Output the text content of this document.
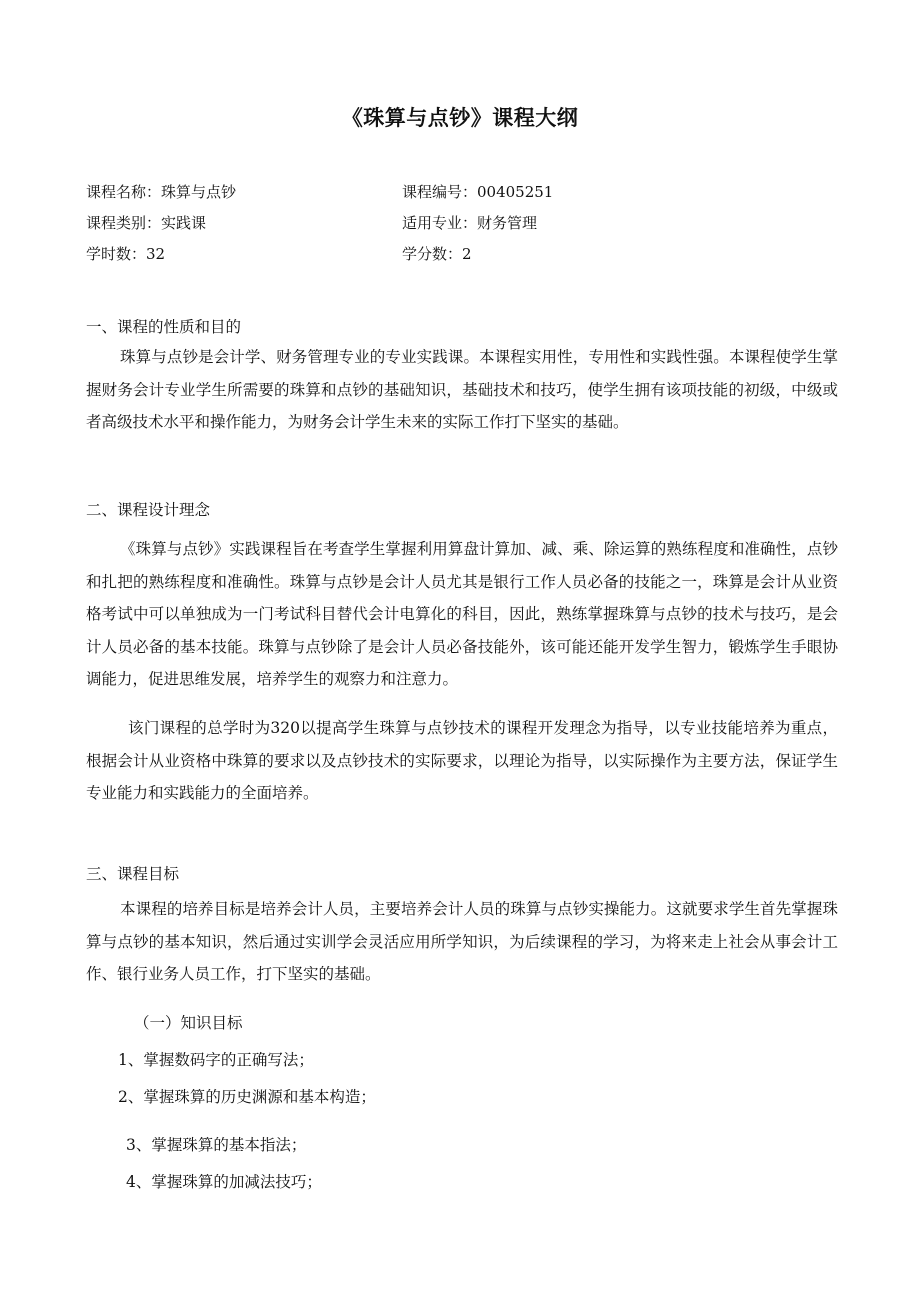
《珠算与点钞》课程大纲
课程名称：珠算与点钞	课程编号：00405251
课程类别：实践课	适用专业：财务管理
学时数：32	学分数：2
一、课程的性质和目的

珠算与点钞是会计学、财务管理专业的专业实践课。本课程实用性，专用性和实践性强。本课程使学生掌握财务会计专业学生所需要的珠算和点钞的基础知识，基础技术和技巧，使学生拥有该项技能的初级，中级或者高级技术水平和操作能力，为财务会计学生未来的实际工作打下坚实的基础。

二、课程设计理念

《珠算与点钞》实践课程旨在考查学生掌握利用算盘计算加、减、乘、除运算的熟练程度和准确性，点钞和扎把的熟练程度和准确性。珠算与点钞是会计人员尤其是银行工作人员必备的技能之一，珠算是会计从业资格考试中可以单独成为一门考试科目替代会计电算化的科目，因此，熟练掌握珠算与点钞的技术与技巧，是会计人员必备的基本技能。珠算与点钞除了是会计人员必备技能外，该可能还能开发学生智力，锻炼学生手眼协调能力，促进思维发展，培养学生的观察力和注意力。

该门课程的总学时为320以提高学生珠算与点钞技术的课程开发理念为指导，以专业技能培养为重点，根据会计从业资格中珠算的要求以及点钞技术的实际要求，以理论为指导，以实际操作为主要方法，保证学生专业能力和实践能力的全面培养。

三、课程目标

本课程的培养目标是培养会计人员，主要培养会计人员的珠算与点钞实操能力。这就要求学生首先掌握珠算与点钞的基本知识，然后通过实训学会灵活应用所学知识，为后续课程的学习，为将来走上社会从事会计工作、银行业务人员工作，打下坚实的基础。

（一）知识目标
1、掌握数码字的正确写法；
2、掌握珠算的历史渊源和基本构造；
3、掌握珠算的基本指法；
4、掌握珠算的加减法技巧；
